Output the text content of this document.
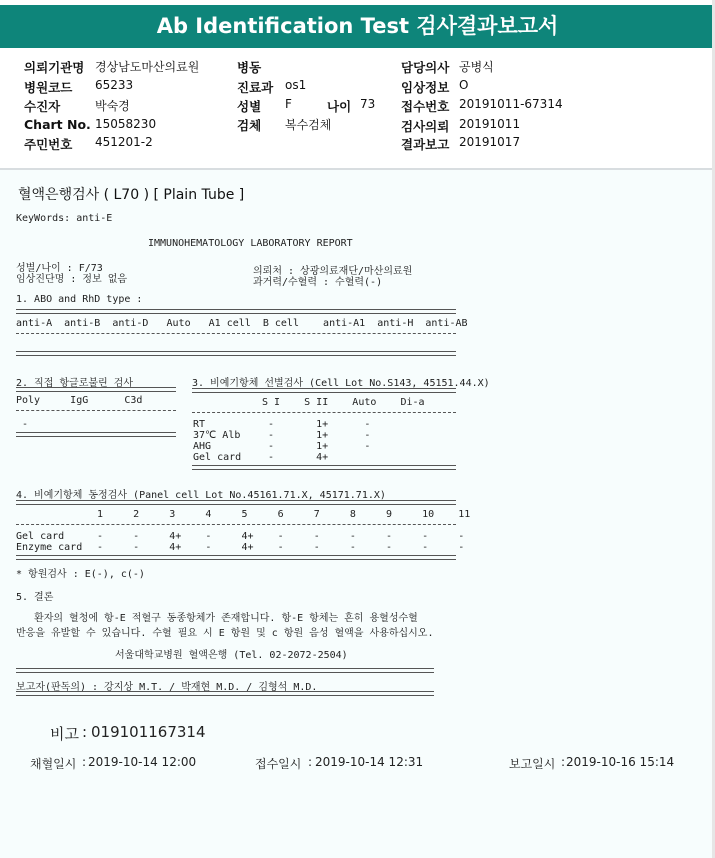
Ab Identification Test 검사결과보고서
의뢰기관명 경상남도마산의료원
병원코드 65233
수진자	박숙경
Chart No. 15058230
주민번호 451201-2
병동
진료과 os1
성별 F	나이 73
검체 복수검체
담당의사 공병식
임상정보 O
접수번호 20191011-67314
검사의뢰 20191011
결과보고 20191017
혈액은행검사 ( L70 ) [ Plain Tube ]
KeyWords: anti-E
IMMUNOHEMATOLOGY LABORATORY REPORT
성별/나이 : F/73
임상진단명 : 정보 없음
의뢰처 : 상광의료재단/마산의료원
과거력/수혈력 : 수혈력(-)
1. ABO and RhD type :
anti-A  anti-B  anti-D   Auto   A1 cell  B cell    anti-A1  anti-H  anti-AB
2. 직접 항글로불린 검사
Poly     IgG      C3d
-
3. 비예기항체 선별검사 (Cell Lot No.S143, 45151.44.X)
S I    S II    Auto    Di-a
RT	-       1+      -
37℃ Alb	-       1+      -
AHG	-       1+      -
Gel card	-       4+
4. 비예기항체 동정검사 (Panel cell Lot No.45161.71.X, 45171.71.X)
1     2     3     4     5     6     7     8     9     10    11
Gel card	-     -     4+    -     4+    -     -     -     -     -     -
Enzyme card -     -     4+    -     4+    -     -     -     -     -     -
* 항원검사 : E(-), c(-)
5. 결론
환자의 혈청에 항-E 적혈구 동종항체가 존재합니다. 항-E 항체는 흔히 용혈성수혈
반응을 유발할 수 있습니다. 수혈 필요 시 E 항원 및 c 항원 음성 혈액을 사용하십시오.
서울대학교병원 혈액은행 (Tel. 02-2072-2504)
보고자(판독의) : 강지상 M.T. / 박재현 M.D. / 김형석 M.D.
비고 : 019101167314
채혈일시 : 2019-10-14 12:00	접수일시 : 2019-10-14 12:31	보고일시 : 2019-10-16 15:14
